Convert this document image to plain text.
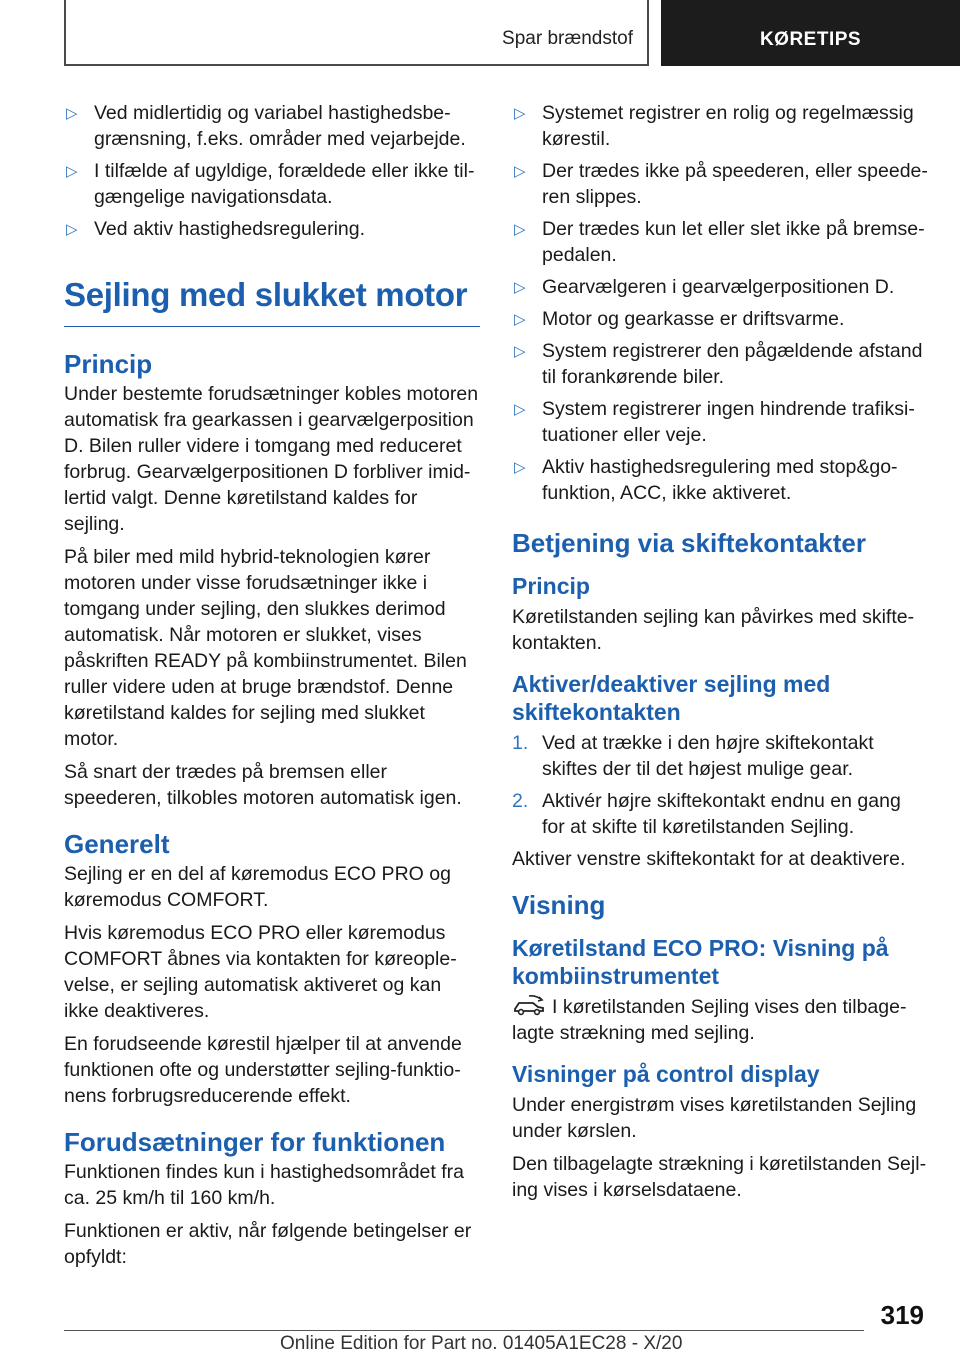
Spar brændstof	KØRETIPS
▷ Ved midlertidig og variabel hastighedsbegrænsning, f.eks. områder med vejarbejde.
▷ I tilfælde af ugyldige, forældede eller ikke tilgængelige navigationsdata.
▷ Ved aktiv hastighedsregulering.
Sejling med slukket motor
Princip

Under bestemte forudsætninger kobles motoren automatisk fra gearkassen i gearvælgerposition D. Bilen ruller videre i tomgang med reduceret forbrug. Gearvælgerpositionen D forbliver imidlertid valgt. Denne køretilstand kaldes for sejling.

På biler med mild hybrid-teknologien kører motoren under visse forudsætninger ikke i tomgang under sejling, den slukkes derimod automatisk. Når motoren er slukket, vises påskriften READY på kombiinstrumentet. Bilen ruller videre uden at bruge brændstof. Denne køretilstand kaldes for sejling med slukket motor.

Så snart der trædes på bremsen eller speederen, tilkobles motoren automatisk igen.

Generelt

Sejling er en del af køremodus ECO PRO og køremodus COMFORT.

Hvis køremodus ECO PRO eller køremodus COMFORT åbnes via kontakten for køreoplevelse, er sejling automatisk aktiveret og kan ikke deaktiveres.

En forudseende kørestil hjælper til at anvende funktionen ofte og understøtter sejling-funktionens forbrugsreducerende effekt.

Forudsætninger for funktionen

Funktionen findes kun i hastighedsområdet fra ca. 25 km/h til 160 km/h.

Funktionen er aktiv, når følgende betingelser er opfyldt:

▷ Systemet registrer en rolig og regelmæssig kørestil.
▷ Der trædes ikke på speederen, eller speederen slippes.
▷ Der trædes kun let eller slet ikke på bremsepedalen.
▷ Gearvælgeren i gearvælgerpositionen D.
▷ Motor og gearkasse er driftsvarme.
▷ System registrerer den pågældende afstand til forankørende biler.
▷ System registrerer ingen hindrende trafiksituationer eller veje.
▷ Aktiv hastighedsregulering med stop&go-funktion, ACC, ikke aktiveret.
Betjening via skiftekontakter
Princip

Køretilstanden sejling kan påvirkes med skiftekontakten.

Aktiver/deaktiver sejling med skiftekontakten
1. Ved at trække i den højre skiftekontakt skiftes der til det højest mulige gear.
2. Aktivér højre skiftekontakt endnu en gang for at skifte til køretilstanden Sejling.

Aktiver venstre skiftekontakt for at deaktivere.

Visning
Køretilstand ECO PRO: Visning på kombiinstrumentet

I køretilstanden Sejling vises den tilbagelagte strækning med sejling.

Visninger på control display

Under energistrøm vises køretilstanden Sejling under kørslen.

Den tilbagelagte strækning i køretilstanden Sejling vises i kørselsdataene.

319
Online Edition for Part no. 01405A1EC28 - X/20
